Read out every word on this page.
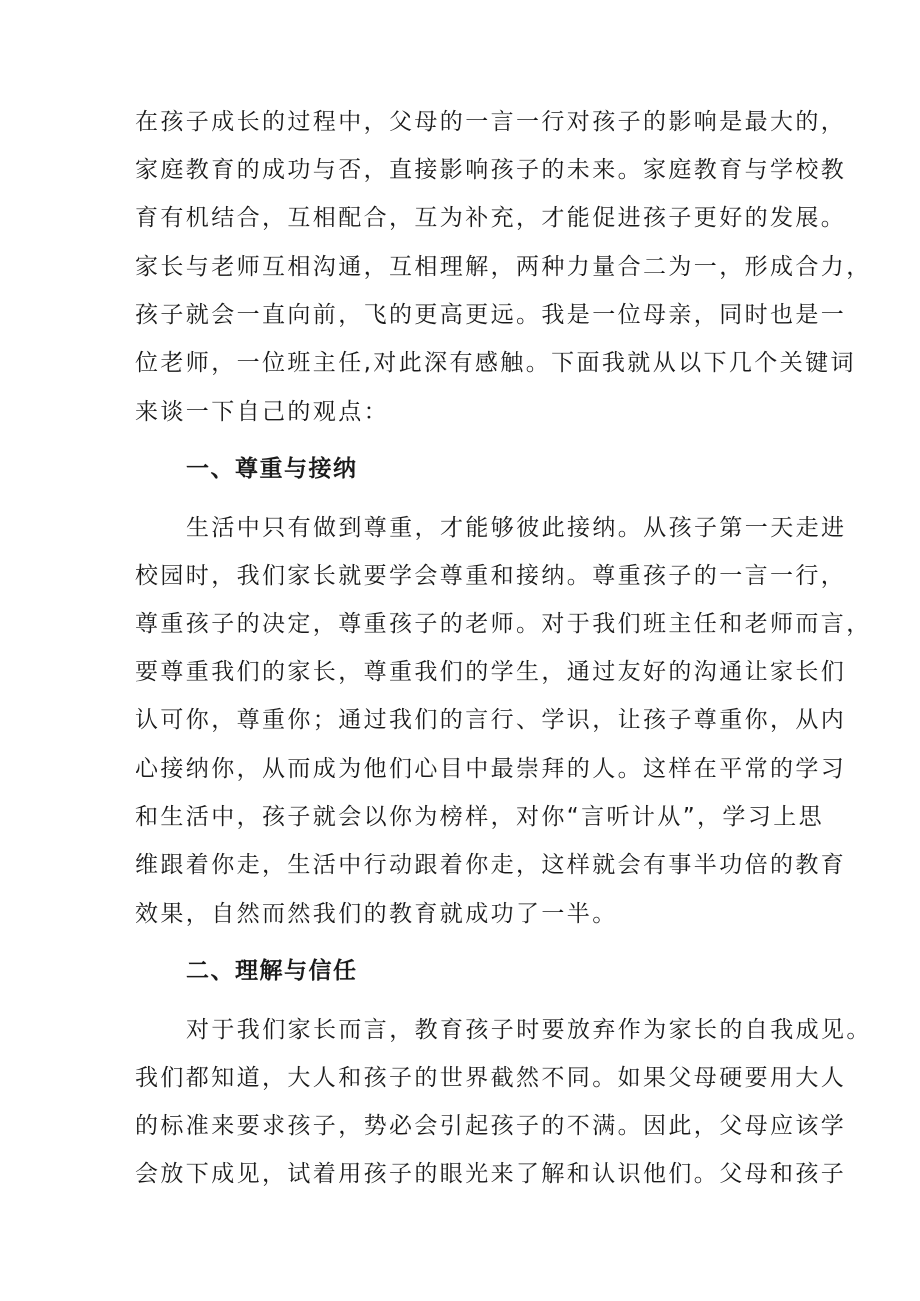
在孩子成长的过程中，父母的一言一行对孩子的影响是最大的，

家庭教育的成功与否，直接影响孩子的未来。家庭教育与学校教

育有机结合，互相配合，互为补充，才能促进孩子更好的发展。

家长与老师互相沟通，互相理解，两种力量合二为一，形成合力，

孩子就会一直向前，飞的更高更远。我是一位母亲，同时也是一

位老师，一位班主任,对此深有感触。下面我就从以下几个关键词

来谈一下自己的观点：

一、尊重与接纳

生活中只有做到尊重，才能够彼此接纳。从孩子第一天走进

校园时，我们家长就要学会尊重和接纳。尊重孩子的一言一行，

尊重孩子的决定，尊重孩子的老师。对于我们班主任和老师而言，

要尊重我们的家长，尊重我们的学生，通过友好的沟通让家长们

认可你，尊重你；通过我们的言行、学识，让孩子尊重你，从内

心接纳你，从而成为他们心目中最崇拜的人。这样在平常的学习

和生活中，孩子就会以你为榜样，对你“言听计从”，学习上思

维跟着你走，生活中行动跟着你走，这样就会有事半功倍的教育

效果，自然而然我们的教育就成功了一半。

二、理解与信任

对于我们家长而言，教育孩子时要放弃作为家长的自我成见。

我们都知道，大人和孩子的世界截然不同。如果父母硬要用大人

的标准来要求孩子，势必会引起孩子的不满。因此，父母应该学

会放下成见，试着用孩子的眼光来了解和认识他们。父母和孩子
